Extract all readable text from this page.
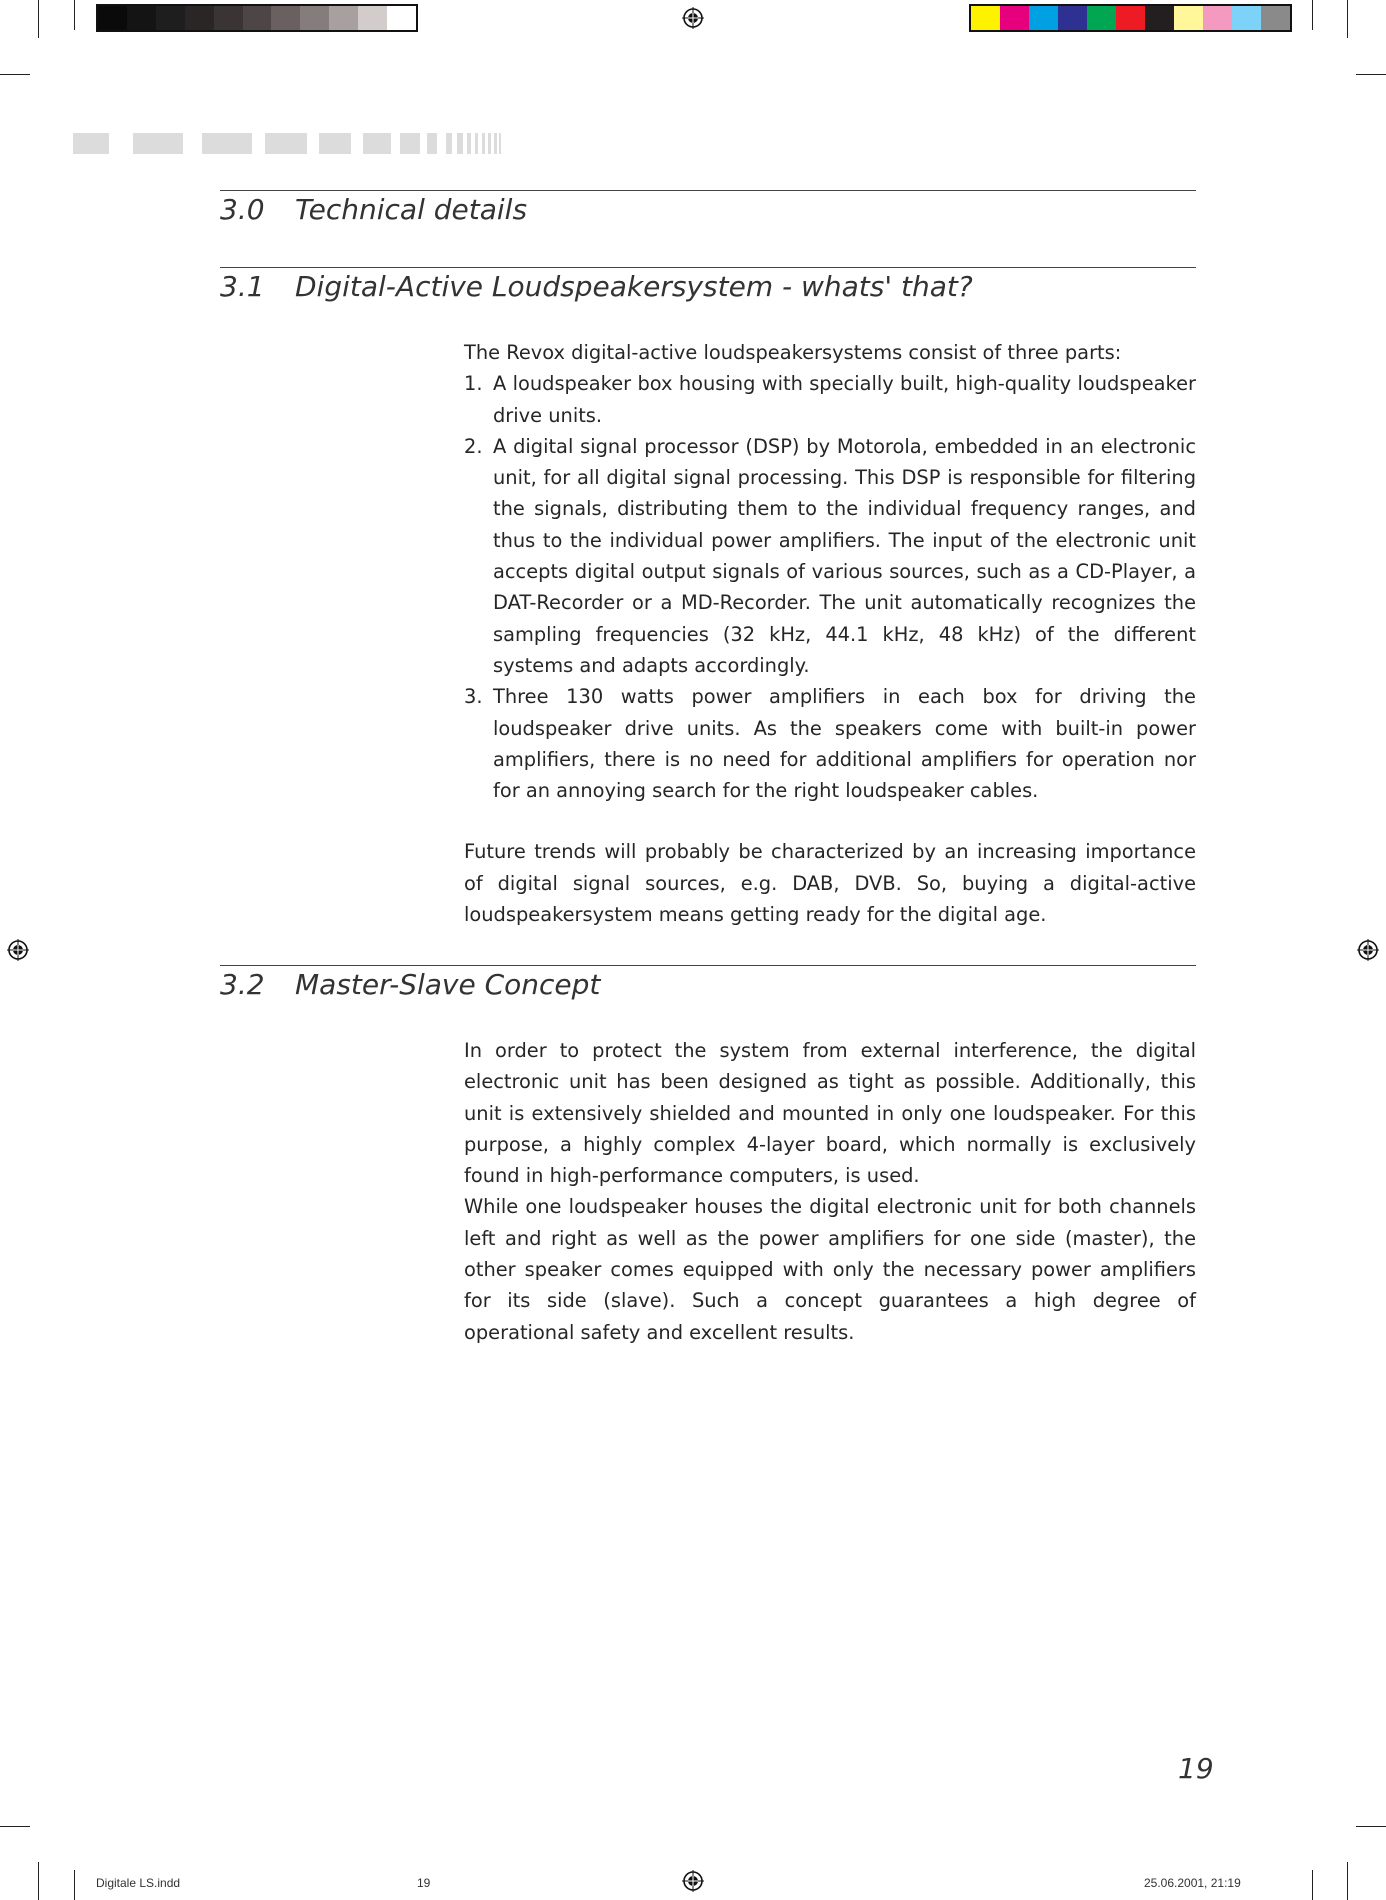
3.0 Technical details
3.1 Digital-Active Loudspeakersystem - whats' that?

The Revox digital-active loudspeakersystems consist of three parts:

1. A loudspeaker box housing with specially built, high-quality loudspeaker drive units.
2. A digital signal processor (DSP) by Motorola, embedded in an electronic unit, for all digital signal processing. This DSP is responsible for filtering the signals, distributing them to the individual frequency ranges, and thus to the individual power amplifiers. The input of the electronic unit accepts digital output signals of various sources, such as a CD-Player, a DAT-Recorder or a MD-Recorder. The unit automatically recognizes the sampling frequencies (32 kHz, 44.1 kHz, 48 kHz) of the different systems and adapts accordingly.
3. Three 130 watts power amplifiers in each box for driving the loudspeaker drive units. As the speakers come with built-in power amplifiers, there is no need for additional amplifiers for operation nor for an annoying search for the right loudspeaker cables.

Future trends will probably be characterized by an increasing importance of digital signal sources, e.g. DAB, DVB. So, buying a digital-active loudspeakersystem means getting ready for the digital age.

3.2 Master-Slave Concept

In order to protect the system from external interference, the digital electronic unit has been designed as tight as possible. Additionally, this unit is extensively shielded and mounted in only one loudspeaker. For this purpose, a highly complex 4-layer board, which normally is exclusively found in high-performance computers, is used.

While one loudspeaker houses the digital electronic unit for both channels left and right as well as the power amplifiers for one side (master), the other speaker comes equipped with only the necessary power amplifiers for its side (slave). Such a concept guarantees a high degree of operational safety and excellent results.

19
Digitale LS.indd	19	25.06.2001, 21:19
